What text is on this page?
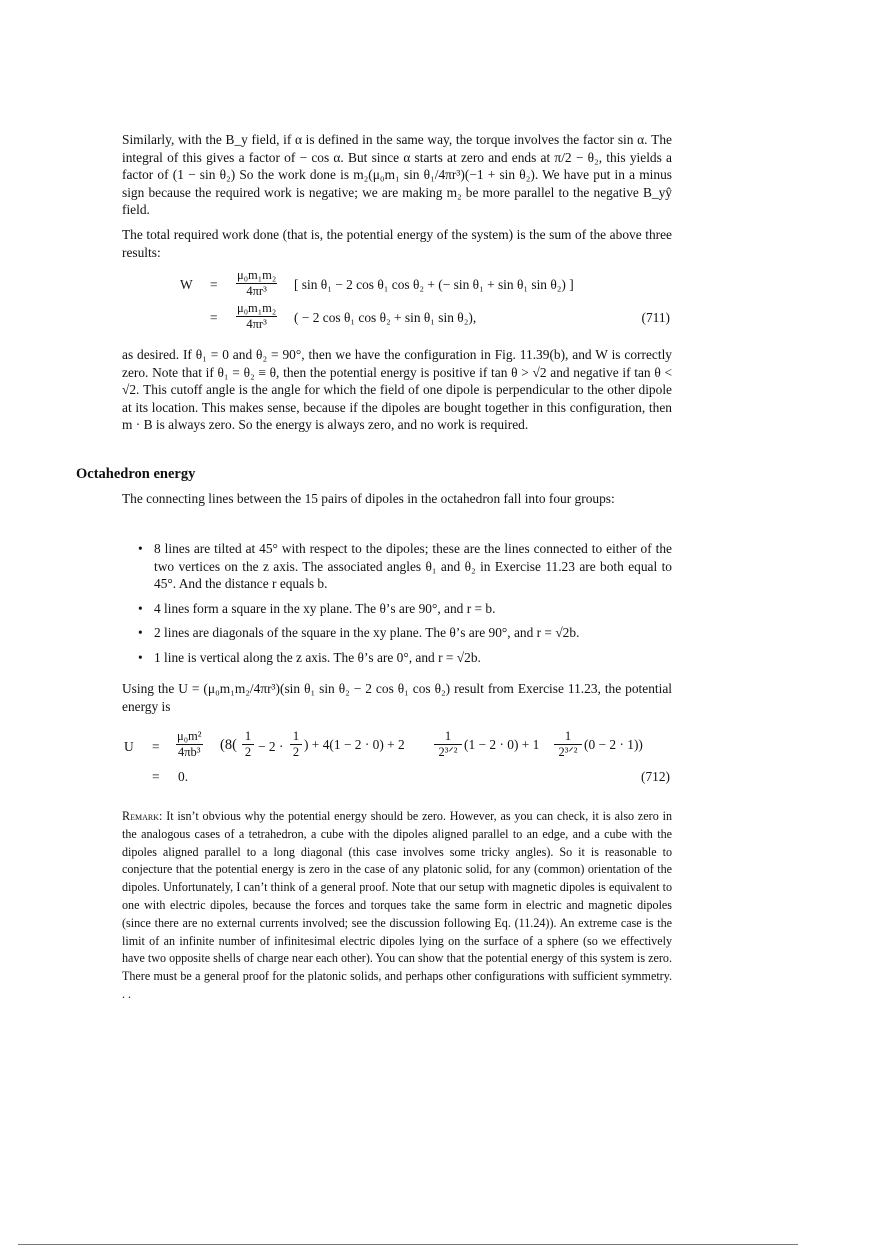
Similarly, with the B_y field, if α is defined in the same way, the torque involves the factor sin α. The integral of this gives a factor of − cos α. But since α starts at zero and ends at π/2 − θ₂, this yields a factor of (1 − sin θ₂) So the work done is m₂(μ₀m₁ sin θ₁/4πr³)(−1 + sin θ₂). We have put in a minus sign because the required work is negative; we are making m₂ be more parallel to the negative B_yŷ field.

The total required work done (that is, the potential energy of the system) is the sum of the above three results:

$W = \frac{\text{μ₀m₁m₂}}{\text{4πr³}}$ [ sin θ₁ − 2 cos θ₁ cos θ₂ + (− sin θ₁ + sin θ₁ sin θ₂) ]
= $\frac{\text{μ₀m₁m₂}}{\text{4πr³}}$ ( − 2 cos θ₁ cos θ₂ + sin θ₁ sin θ₂),	(711)

as desired. If θ₁ = 0 and θ₂ = 90°, then we have the configuration in Fig. 11.39(b), and W is correctly zero. Note that if θ₁ = θ₂ ≡ θ, then the potential energy is positive if tan θ > √2 and negative if tan θ < √2. This cutoff angle is the angle for which the field of one dipole is perpendicular to the other dipole at its location. This makes sense, because if the dipoles are bought together in this configuration, then m · B is always zero. So the energy is always zero, and no work is required.

Octahedron energy

The connecting lines between the 15 pairs of dipoles in the octahedron fall into four groups:

• 8 lines are tilted at 45° with respect to the dipoles; these are the lines connected to either of the two vertices on the z axis. The associated angles θ₁ and θ₂ in Exercise 11.23 are both equal to 45°. And the distance r equals b.
• 4 lines form a square in the xy plane. The θ’s are 90°, and r = b.
• 2 lines are diagonals of the square in the xy plane. The θ’s are 90°, and r = √2b.
• 1 line is vertical along the z axis. The θ’s are 0°, and r = √2b.

Using the U = (μ₀m₁m₂/4πr³)(sin θ₁ sin θ₂ − 2 cos θ₁ cos θ₂) result from Exercise 11.23, the potential energy is

$U = \frac{\text{μ₀m²}}{\text{4πb³}} (8( \frac{1}{2} - 2 \cdot \frac{1}{2}$ ) + 4(1 − 2 · 0) + 2
1
2³ᐟ² (1 − 2 · 0) + 1
1
2³ᐟ² (0 − 2 · 1))
= 0.	(712)

Remark: It isn’t obvious why the potential energy should be zero. However, as you can check, it is also zero in the analogous cases of a tetrahedron, a cube with the dipoles aligned parallel to an edge, and a cube with the dipoles aligned parallel to a long diagonal (this case involves some tricky angles). So it is reasonable to conjecture that the potential energy is zero in the case of any platonic solid, for any (common) orientation of the dipoles. Unfortunately, I can’t think of a general proof. Note that our setup with magnetic dipoles is equivalent to one with electric dipoles, because the forces and torques take the same form in electric and magnetic dipoles (since there are no external currents involved; see the discussion following Eq. (11.24)). An extreme case is the limit of an infinite number of infinitesimal electric dipoles lying on the surface of a sphere (so we effectively have two opposite shells of charge near each other). You can show that the potential energy of this system is zero. There must be a general proof for the platonic solids, and perhaps other configurations with sufficient symmetry. . .
